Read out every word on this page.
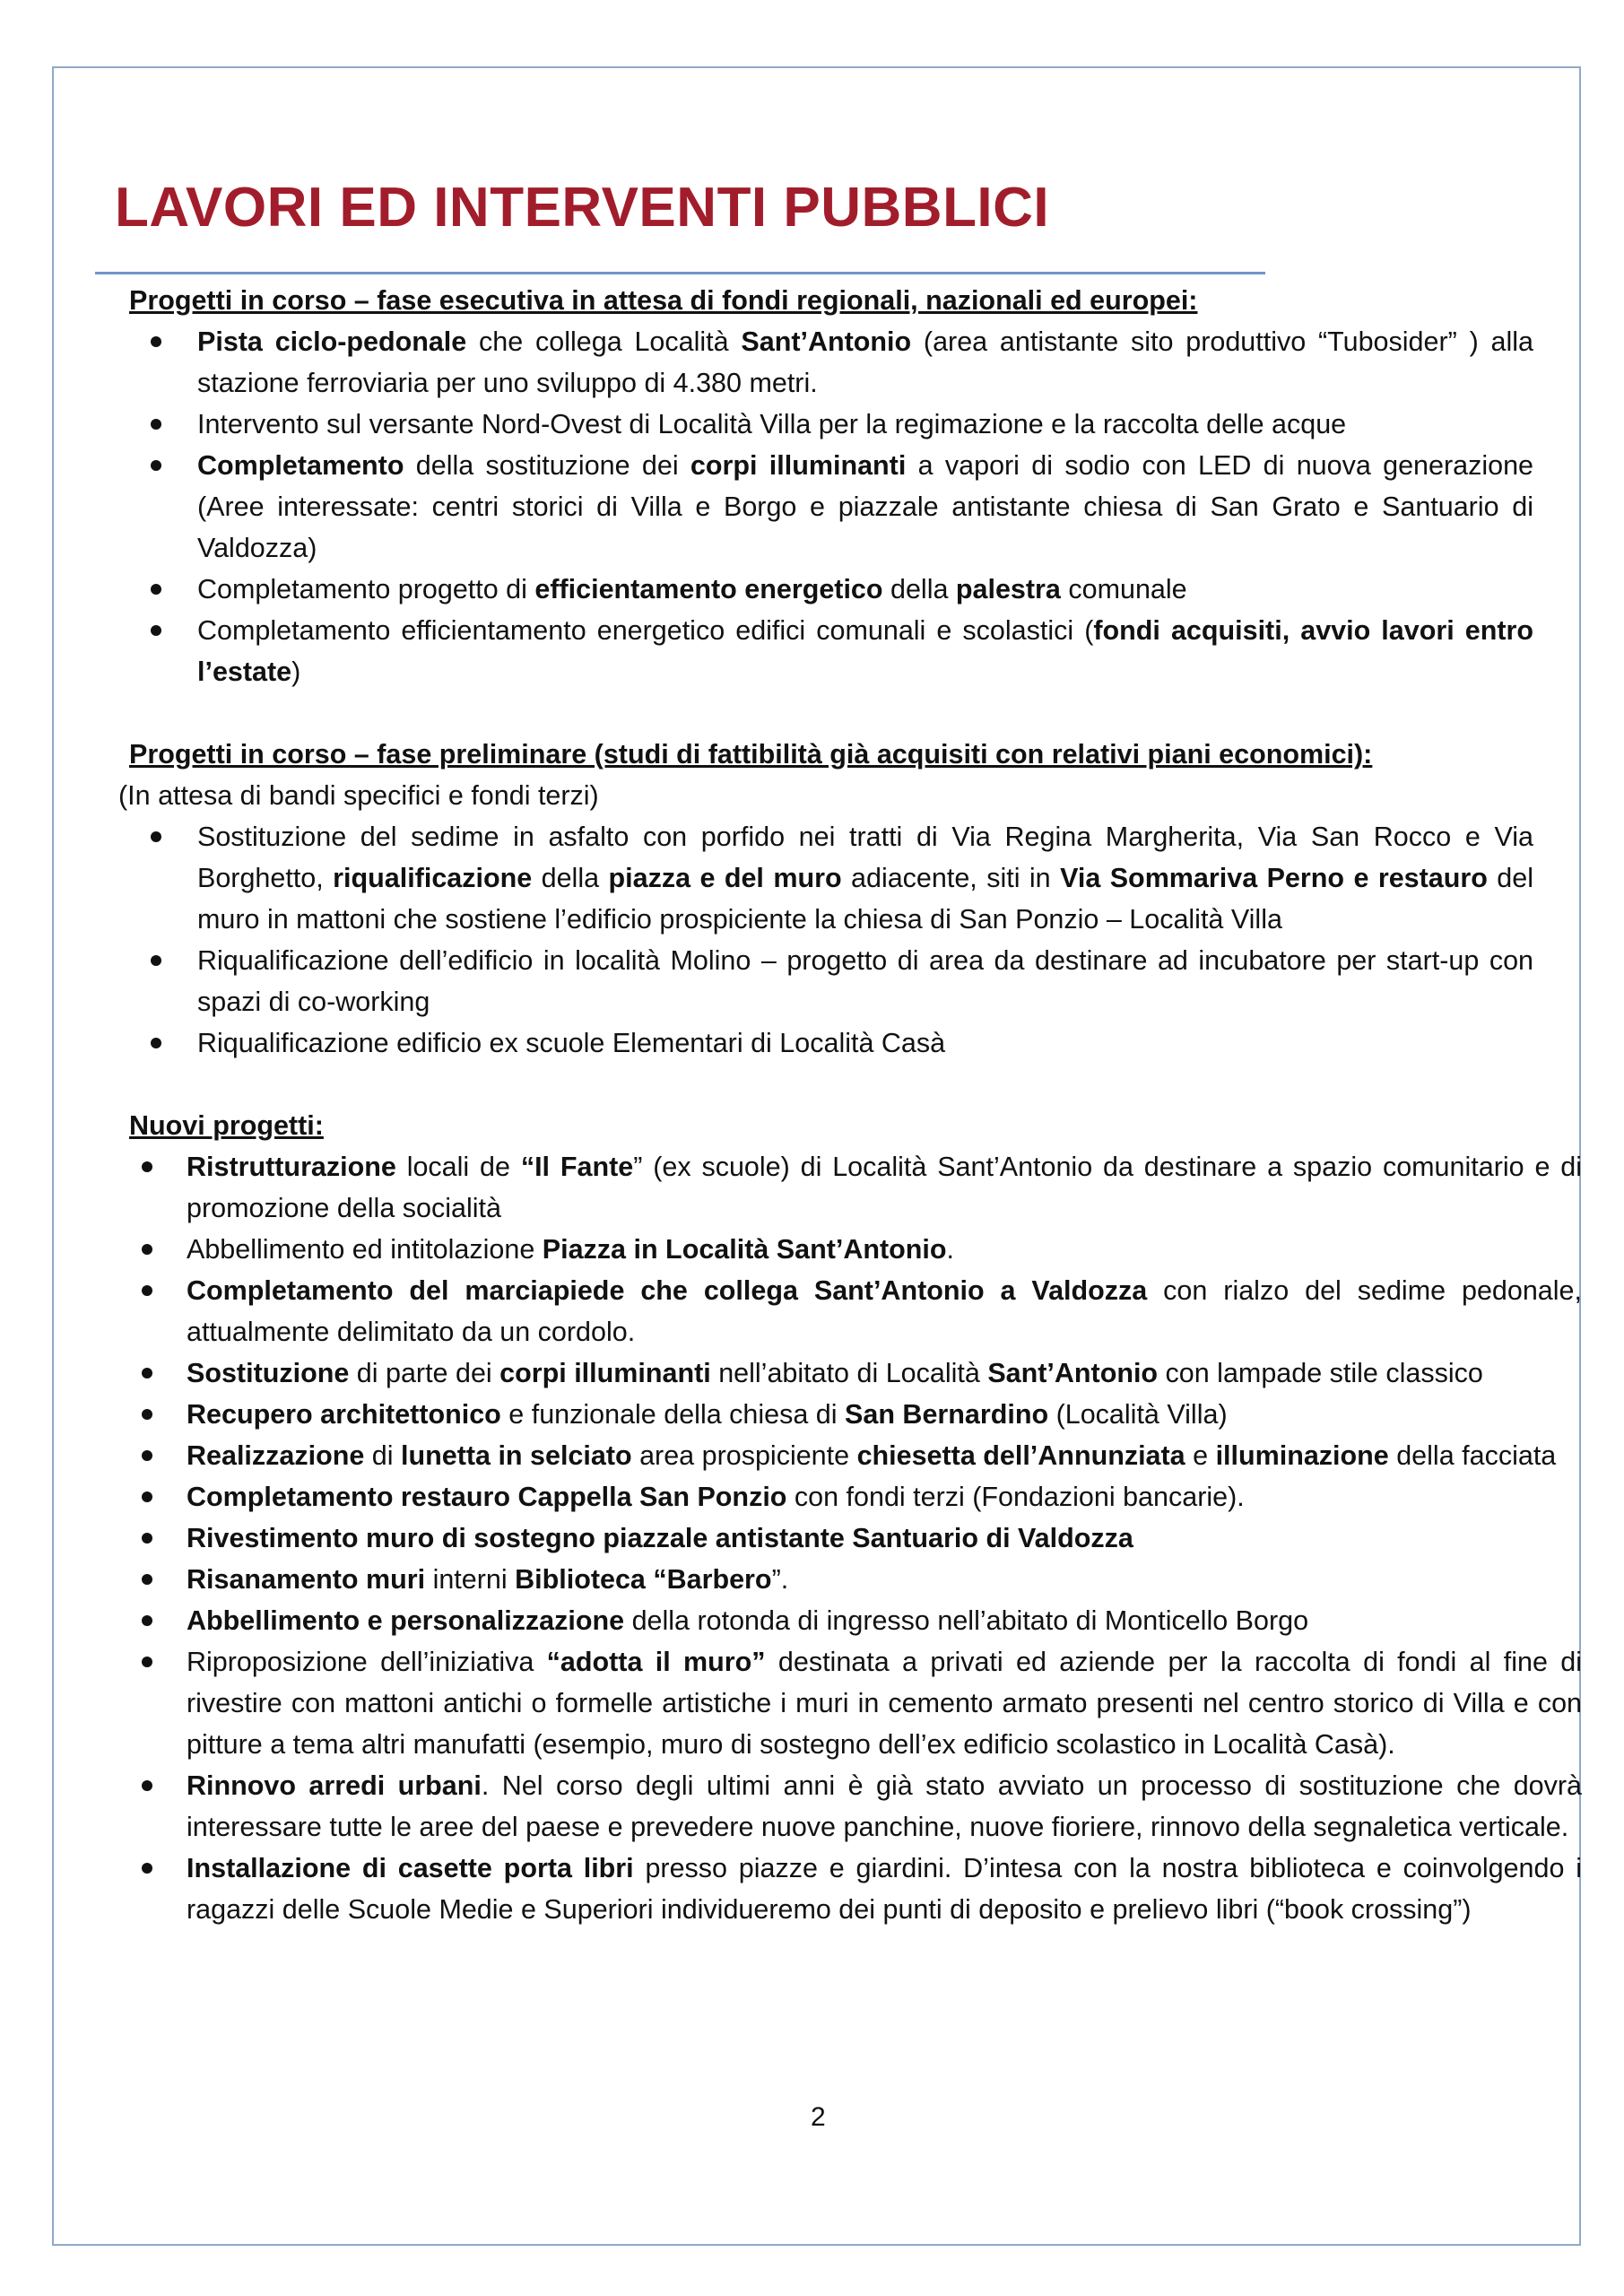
LAVORI ED INTERVENTI PUBBLICI

Progetti in corso – fase esecutiva in attesa di fondi regionali, nazionali ed europei:

Pista ciclo-pedonale che collega Località Sant’Antonio (area antistante sito produttivo “Tubosider” ) alla stazione ferroviaria per uno sviluppo di 4.380 metri.
Intervento sul versante Nord-Ovest di Località Villa per la regimazione e la raccolta delle acque
Completamento della sostituzione dei corpi illuminanti a vapori di sodio con LED di nuova generazione (Aree interessate: centri storici di Villa e Borgo e piazzale antistante chiesa di San Grato e Santuario di Valdozza)
Completamento progetto di efficientamento energetico della palestra comunale
Completamento efficientamento energetico edifici comunali e scolastici (fondi acquisiti, avvio lavori entro l’estate)

Progetti in corso – fase preliminare (studi di fattibilità già acquisiti con relativi piani economici):

(In attesa di bandi specifici e fondi terzi)

Sostituzione del sedime in asfalto con porfido nei tratti di Via Regina Margherita, Via San Rocco e Via Borghetto, riqualificazione della piazza e del muro adiacente, siti in Via Sommariva Perno e restauro del muro in mattoni che sostiene l’edificio prospiciente la chiesa di San Ponzio – Località Villa
Riqualificazione dell’edificio in località Molino – progetto di area da destinare ad incubatore per start-up con spazi di co-working
Riqualificazione edificio ex scuole Elementari di Località Casà

Nuovi progetti:

Ristrutturazione locali de “Il Fante” (ex scuole) di Località Sant’Antonio da destinare a spazio comunitario e di promozione della socialità
Abbellimento ed intitolazione Piazza in Località Sant’Antonio.
Completamento del marciapiede che collega Sant’Antonio a Valdozza con rialzo del sedime pedonale, attualmente delimitato da un cordolo.
Sostituzione di parte dei corpi illuminanti nell’abitato di Località Sant’Antonio con lampade stile classico
Recupero architettonico e funzionale della chiesa di San Bernardino (Località Villa)
Realizzazione di lunetta in selciato area prospiciente chiesetta dell’Annunziata e illuminazione della facciata
Completamento restauro Cappella San Ponzio con fondi terzi (Fondazioni bancarie).
Rivestimento muro di sostegno piazzale antistante Santuario di Valdozza
Risanamento muri interni Biblioteca “Barbero”.
Abbellimento e personalizzazione della rotonda di ingresso nell’abitato di Monticello Borgo
Riproposizione dell’iniziativa “adotta il muro” destinata a privati ed aziende per la raccolta di fondi al fine di rivestire con mattoni antichi o formelle artistiche i muri in cemento armato presenti nel centro storico di Villa e con pitture a tema altri manufatti (esempio, muro di sostegno dell’ex edificio scolastico in Località Casà).
Rinnovo arredi urbani. Nel corso degli ultimi anni è già stato avviato un processo di sostituzione che dovrà interessare tutte le aree del paese e prevedere nuove panchine, nuove fioriere, rinnovo della segnaletica verticale.
Installazione di casette porta libri presso piazze e giardini. D’intesa con la nostra biblioteca e coinvolgendo i ragazzi delle Scuole Medie e Superiori individueremo dei punti di deposito e prelievo libri (“book crossing”)
2
